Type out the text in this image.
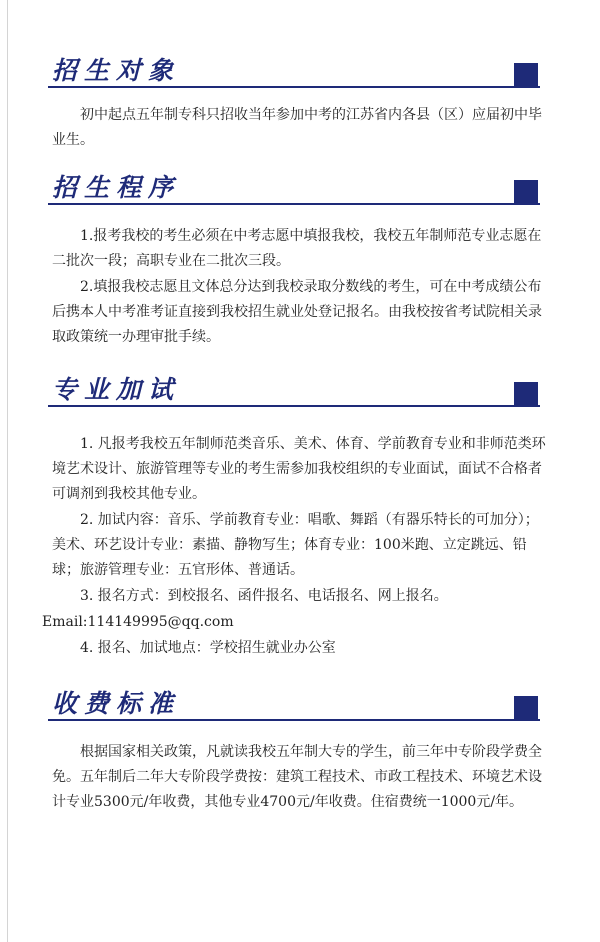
招生对象

初中起点五年制专科只招收当年参加中考的江苏省内各县（区）应届初中毕业生。

招生程序

1.报考我校的考生必须在中考志愿中填报我校，我校五年制师范专业志愿在二批次一段；高职专业在二批次三段。

2.填报我校志愿且文体总分达到我校录取分数线的考生，可在中考成绩公布后携本人中考准考证直接到我校招生就业处登记报名。由我校按省考试院相关录取政策统一办理审批手续。

专业加试

1. 凡报考我校五年制师范类音乐、美术、体育、学前教育专业和非师范类环境艺术设计、旅游管理等专业的考生需参加我校组织的专业面试，面试不合格者可调剂到我校其他专业。

2. 加试内容：音乐、学前教育专业：唱歌、舞蹈（有器乐特长的可加分）；美术、环艺设计专业：素描、静物写生；体育专业：100米跑、立定跳远、铅球；旅游管理专业：五官形体、普通话。

3. 报名方式：到校报名、函件报名、电话报名、网上报名。

Email:114149995@qq.com

4. 报名、加试地点：学校招生就业办公室

收费标准

根据国家相关政策，凡就读我校五年制大专的学生，前三年中专阶段学费全免。五年制后二年大专阶段学费按：建筑工程技术、市政工程技术、环境艺术设计专业5300元/年收费，其他专业4700元/年收费。住宿费统一1000元/年。
